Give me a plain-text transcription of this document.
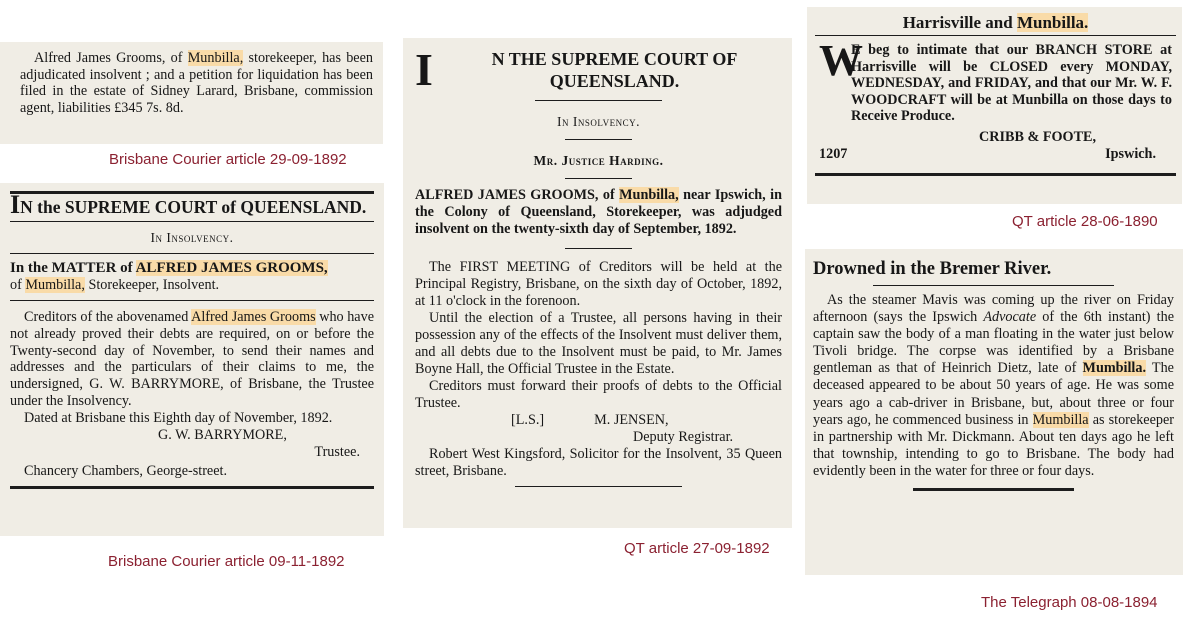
Alfred James Grooms, of Munbilla, storekeeper, has been adjudicated insolvent ; and a petition for liquidation has been filed in the estate of Sidney Larard, Brisbane, commission agent, liabilities £345 7s. 8d.

Brisbane Courier article 29-09-1892
IN the SUPREME COURT of QUEENSLAND.
In Insolvency.
In the MATTER of ALFRED JAMES GROOMS,
of Mumbilla, Storekeeper, Insolvent.

Creditors of the abovenamed Alfred James Grooms who have not already proved their debts are required, on or before the Twenty-second day of November, to send their names and addresses and the particulars of their claims to me, the undersigned, G. W. BARRYMORE, of Brisbane, the Trustee under the Insolvency.

Dated at Brisbane this Eighth day of November, 1892.

G. W. BARRYMORE,
Trustee.
Chancery Chambers, George-street.
Brisbane Courier article 09-11-1892
I	N THE SUPREME COURT OF QUEENSLAND.
In Insolvency.
Mr. Justice Harding.

ALFRED JAMES GROOMS, of Munbilla, near Ipswich, in the Colony of Queensland, Storekeeper, was adjudged insolvent on the twenty-sixth day of September, 1892.

The FIRST MEETING of Creditors will be held at the Principal Registry, Brisbane, on the sixth day of October, 1892, at 11 o'clock in the forenoon.

Until the election of a Trustee, all persons having in their possession any of the effects of the Insolvent must deliver them, and all debts due to the Insolvent must be paid, to Mr. James Boyne Hall, the Official Trustee in the Estate.

Creditors must forward their proofs of debts to the Official Trustee.

[L.S.]	M. JENSEN,
Deputy Registrar.

Robert West Kingsford, Solicitor for the Insolvent, 35 Queen street, Brisbane.

QT article 27-09-1892
Harrisville and Munbilla.
W
E beg to intimate that our BRANCH STORE at Harrisville will be CLOSED every MONDAY, WEDNESDAY, and FRIDAY, and that our Mr. W. F. WOODCRAFT will be at Munbilla on those days to Receive Produce.
CRIBB & FOOTE,
1207	Ipswich.
QT article 28-06-1890
Drowned in the Bremer River.

As the steamer Mavis was coming up the river on Friday afternoon (says the Ipswich Advocate of the 6th instant) the captain saw the body of a man floating in the water just below Tivoli bridge. The corpse was identified by a Brisbane gentleman as that of Heinrich Dietz, late of Mumbilla. The deceased appeared to be about 50 years of age. He was some years ago a cab-driver in Brisbane, but, about three or four years ago, he commenced business in Mumbilla as storekeeper in partnership with Mr. Dickmann. About ten days ago he left that township, intending to go to Brisbane. The body had evidently been in the water for three or four days.

The Telegraph 08-08-1894
